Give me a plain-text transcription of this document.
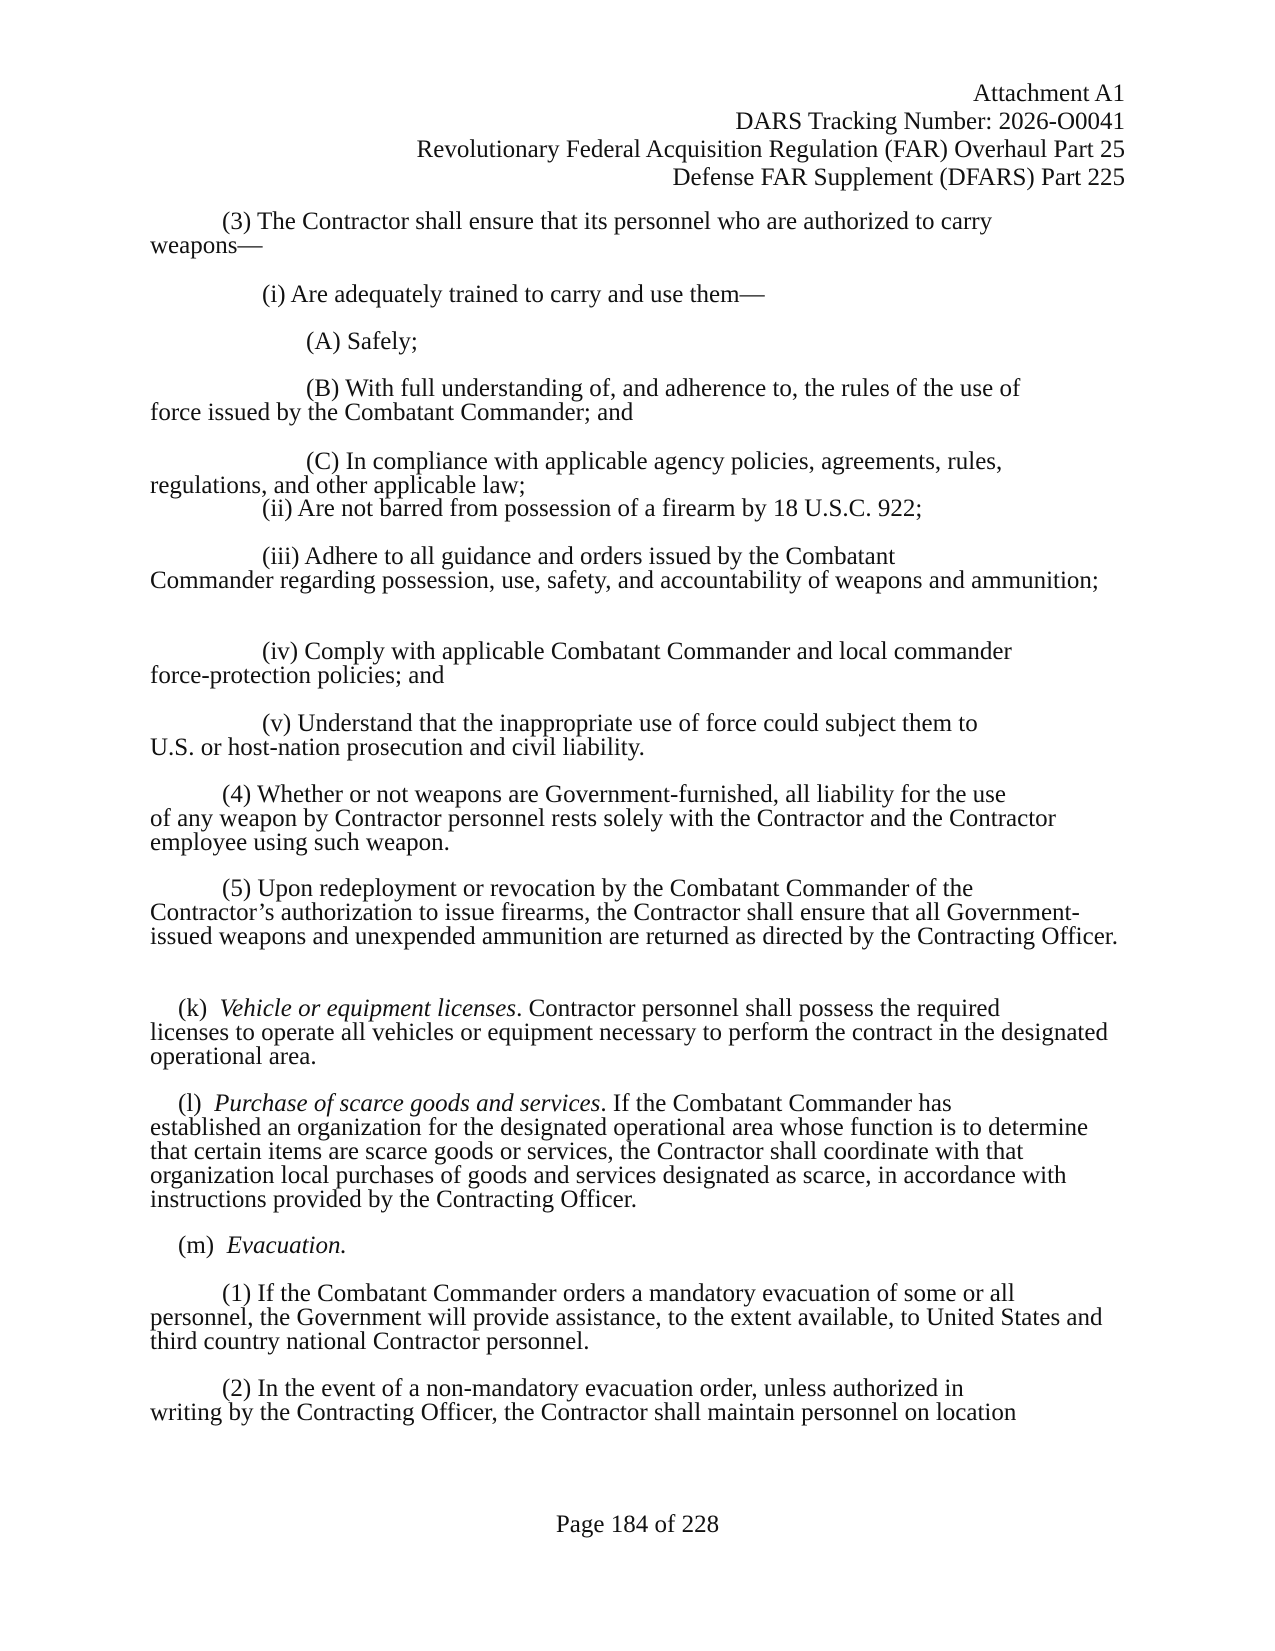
Attachment A1
DARS Tracking Number: 2026-O0041
Revolutionary Federal Acquisition Regulation (FAR) Overhaul Part 25
Defense FAR Supplement (DFARS) Part 225
(3) The Contractor shall ensure that its personnel who are authorized to carry
weapons—
(i) Are adequately trained to carry and use them—
(A) Safely;
(B) With full understanding of, and adherence to, the rules of the use of
force issued by the Combatant Commander; and
(C) In compliance with applicable agency policies, agreements, rules,
regulations, and other applicable law;
(ii) Are not barred from possession of a firearm by 18 U.S.C. 922;
(iii) Adhere to all guidance and orders issued by the Combatant
Commander regarding possession, use, safety, and accountability of weapons and ammunition;
(iv) Comply with applicable Combatant Commander and local commander
force-protection policies; and
(v) Understand that the inappropriate use of force could subject them to
U.S. or host-nation prosecution and civil liability.
(4) Whether or not weapons are Government-furnished, all liability for the use
of any weapon by Contractor personnel rests solely with the Contractor and the Contractor employee using such weapon.
(5) Upon redeployment or revocation by the Combatant Commander of the
Contractor’s authorization to issue firearms, the Contractor shall ensure that all Government-issued weapons and unexpended ammunition are returned as directed by the Contracting Officer.
(k) Vehicle or equipment licenses. Contractor personnel shall possess the required
licenses to operate all vehicles or equipment necessary to perform the contract in the designated operational area.
(l) Purchase of scarce goods and services. If the Combatant Commander has
established an organization for the designated operational area whose function is to determine that certain items are scarce goods or services, the Contractor shall coordinate with that organization local purchases of goods and services designated as scarce, in accordance with instructions provided by the Contracting Officer.
(m) Evacuation.
(1) If the Combatant Commander orders a mandatory evacuation of some or all
personnel, the Government will provide assistance, to the extent available, to United States and third country national Contractor personnel.
(2) In the event of a non-mandatory evacuation order, unless authorized in
writing by the Contracting Officer, the Contractor shall maintain personnel on location
Page 184 of 228
